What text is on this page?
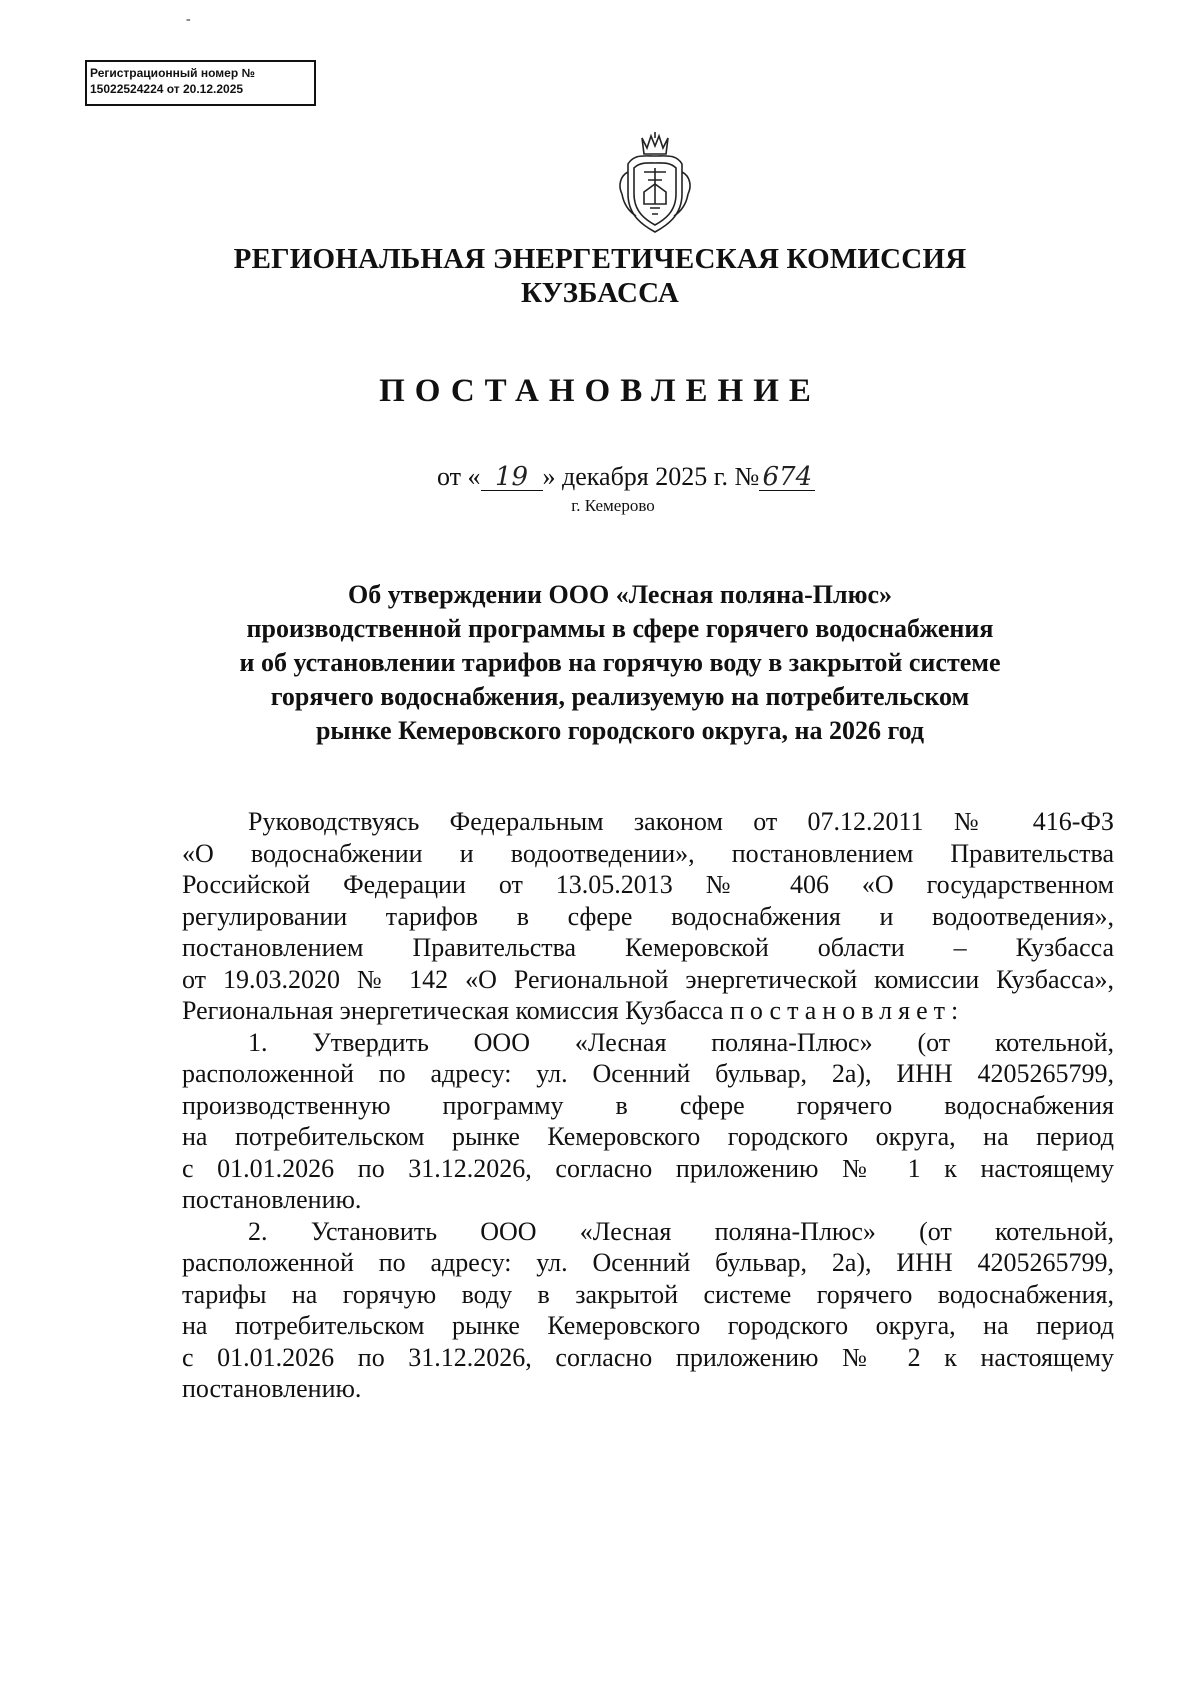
-
Регистрационный номер №
15022524224 от 20.12.2025
РЕГИОНАЛЬНАЯ ЭНЕРГЕТИЧЕСКАЯ КОМИССИЯ
КУЗБАССА
ПОСТАНОВЛЕНИЕ
от « 19 » декабря 2025 г. № 674
г. Кемерово
Об утверждении ООО «Лесная поляна-Плюс»
производственной программы в сфере горячего водоснабжения
и об установлении тарифов на горячую воду в закрытой системе
горячего водоснабжения, реализуемую на потребительском
рынке Кемеровского городского округа, на 2026 год
Руководствуясь Федеральным законом от 07.12.2011 № 416-ФЗ
«О водоснабжении и водоотведении», постановлением Правительства
Российской Федерации от 13.05.2013 № 406 «О государственном
регулировании тарифов в сфере водоснабжения и водоотведения»,
постановлением Правительства Кемеровской области – Кузбасса
от 19.03.2020 № 142 «О Региональной энергетической комиссии Кузбасса»,
Региональная энергетическая комиссия Кузбасса постановляет:
1. Утвердить ООО «Лесная поляна-Плюс» (от котельной,
расположенной по адресу: ул. Осенний бульвар, 2а), ИНН 4205265799,
производственную программу в сфере горячего водоснабжения
на потребительском рынке Кемеровского городского округа, на период
с 01.01.2026 по 31.12.2026, согласно приложению № 1 к настоящему
постановлению.
2. Установить ООО «Лесная поляна-Плюс» (от котельной,
расположенной по адресу: ул. Осенний бульвар, 2а), ИНН 4205265799,
тарифы на горячую воду в закрытой системе горячего водоснабжения,
на потребительском рынке Кемеровского городского округа, на период
с 01.01.2026 по 31.12.2026, согласно приложению № 2 к настоящему
постановлению.
